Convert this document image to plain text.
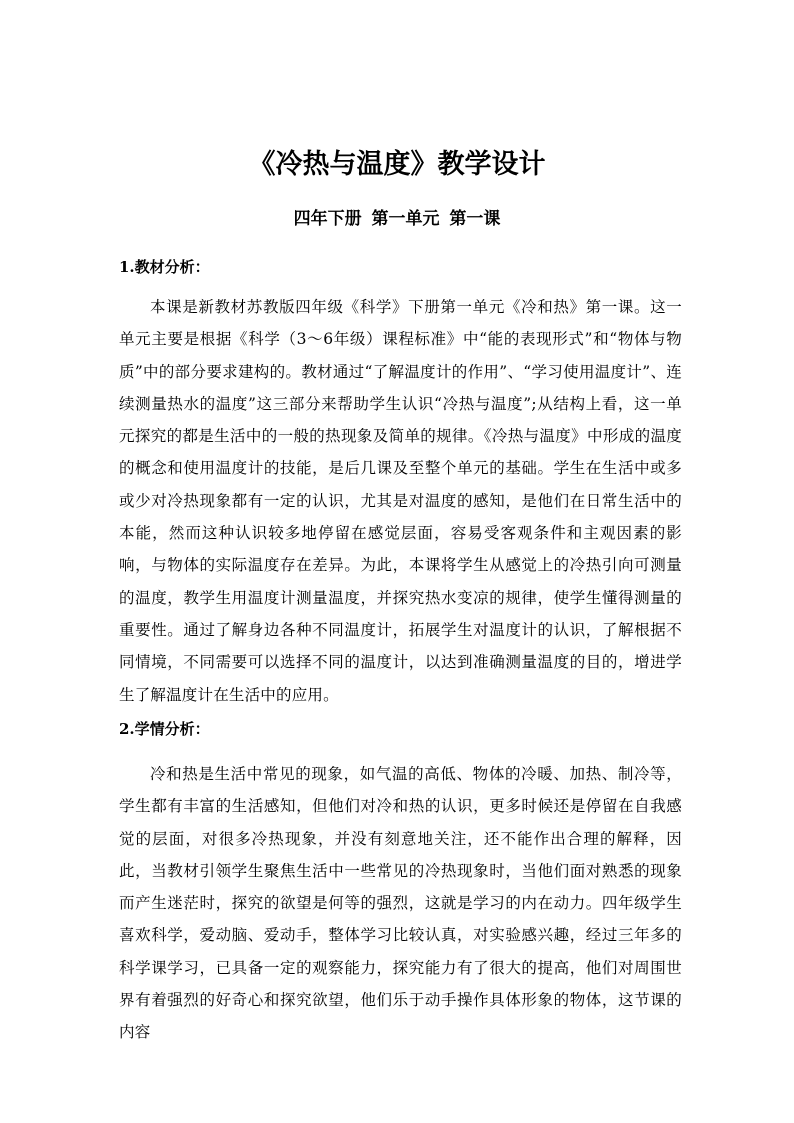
《冷热与温度》教学设计
四年下册 第一单元 第一课
1.教材分析：
本课是新教材苏教版四年级《科学》下册第一单元《冷和热》第一课。这一单元主要是根据《科学（3～6年级）课程标准》中“能的表现形式”和“物体与物质”中的部分要求建构的。教材通过“了解温度计的作用”、“学习使用温度计”、连续测量热水的温度”这三部分来帮助学生认识“冷热与温度”;从结构上看，这一单元探究的都是生活中的一般的热现象及简单的规律。《冷热与温度》中形成的温度的概念和使用温度计的技能，是后几课及至整个单元的基础。学生在生活中或多或少对冷热现象都有一定的认识，尤其是对温度的感知，是他们在日常生活中的本能，然而这种认识较多地停留在感觉层面，容易受客观条件和主观因素的影响，与物体的实际温度存在差异。为此，本课将学生从感觉上的冷热引向可测量的温度，教学生用温度计测量温度，并探究热水变凉的规律，使学生懂得测量的重要性。通过了解身边各种不同温度计，拓展学生对温度计的认识，了解根据不同情境，不同需要可以选择不同的温度计，以达到准确测量温度的目的，增进学生了解温度计在生活中的应用。
2.学情分析：
冷和热是生活中常见的现象，如气温的高低、物体的冷暖、加热、制冷等，学生都有丰富的生活感知，但他们对冷和热的认识，更多时候还是停留在自我感觉的层面，对很多冷热现象，并没有刻意地关注，还不能作出合理的解释，因此，当教材引领学生聚焦生活中一些常见的冷热现象时，当他们面对熟悉的现象而产生迷茫时，探究的欲望是何等的强烈，这就是学习的内在动力。四年级学生喜欢科学，爱动脑、爱动手，整体学习比较认真，对实验感兴趣，经过三年多的科学课学习，已具备一定的观察能力，探究能力有了很大的提高，他们对周围世界有着强烈的好奇心和探究欲望，他们乐于动手操作具体形象的物体，这节课的内容
